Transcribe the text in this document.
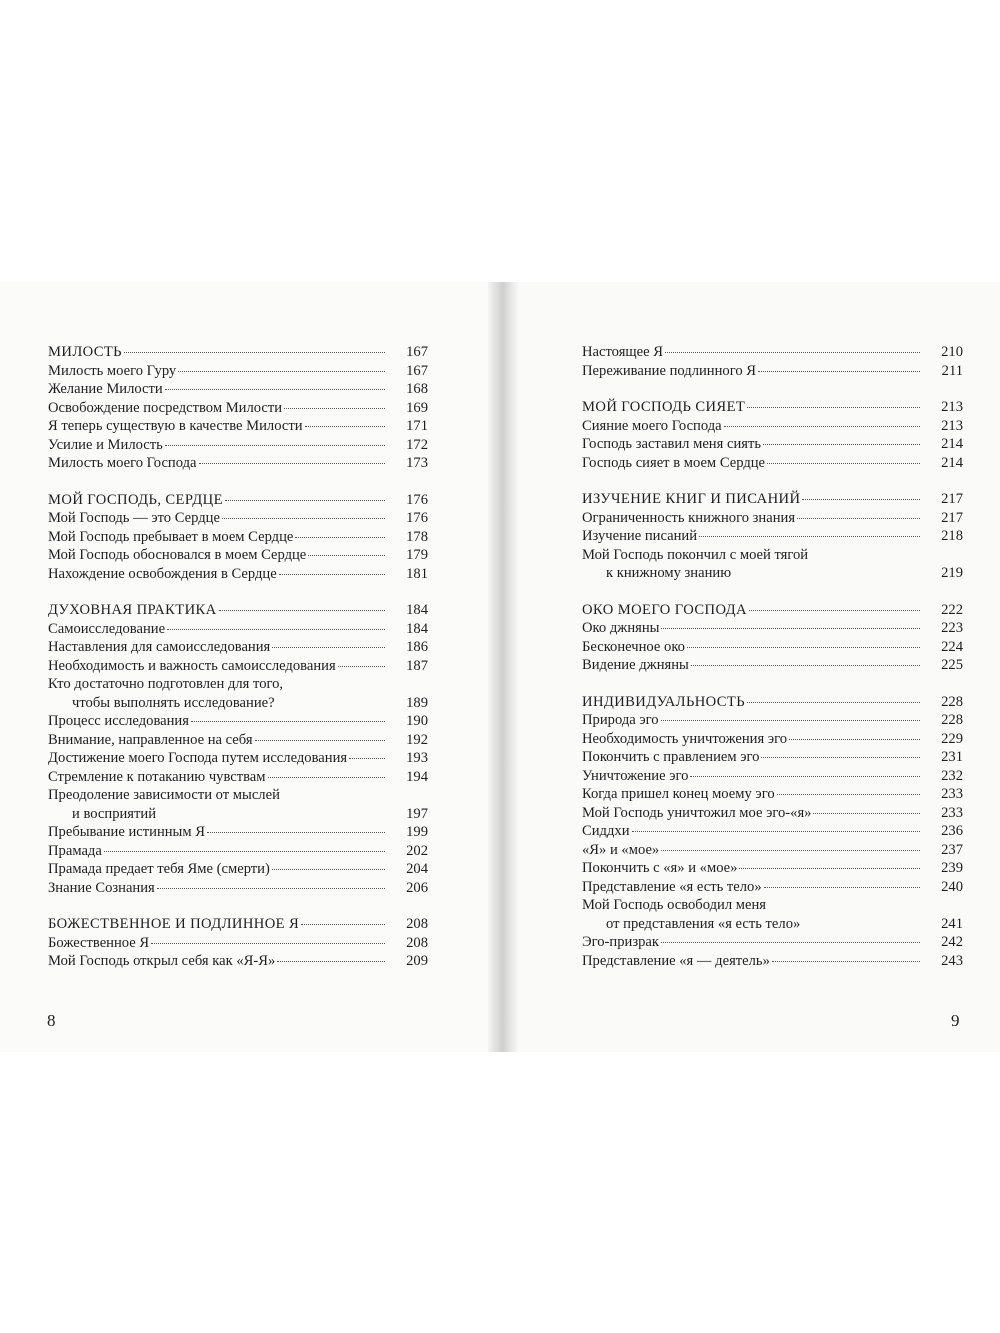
МИЛОСТЬ	167
Милость моего Гуру	167
Желание Милости	168
Освобождение посредством Милости	169
Я теперь существую в качестве Милости	171
Усилие и Милость	172
Милость моего Господа	173
МОЙ ГОСПОДЬ, СЕРДЦЕ	176
Мой Господь — это Сердце	176
Мой Господь пребывает в моем Сердце	178
Мой Господь обосновался в моем Сердце	179
Нахождение освобождения в Сердце	181
ДУХОВНАЯ ПРАКТИКА	184
Самоисследование	184
Наставления для самоисследования	186
Необходимость и важность самоисследования	187
Кто достаточно подготовлен для того,
чтобы выполнять исследование?	189
Процесс исследования	190
Внимание, направленное на себя	192
Достижение моего Господа путем исследования	193
Стремление к потаканию чувствам	194
Преодоление зависимости от мыслей
и восприятий	197
Пребывание истинным Я	199
Прамада	202
Прамада предает тебя Яме (смерти)	204
Знание Сознания	206
БОЖЕСТВЕННОЕ И ПОДЛИННОЕ Я	208
Божественное Я	208
Мой Господь открыл себя как «Я-Я»	209
Настоящее Я	210
Переживание подлинного Я	211
МОЙ ГОСПОДЬ СИЯЕТ	213
Сияние моего Господа	213
Господь заставил меня сиять	214
Господь сияет в моем Сердце	214
ИЗУЧЕНИЕ КНИГ И ПИСАНИЙ	217
Ограниченность книжного знания	217
Изучение писаний	218
Мой Господь покончил с моей тягой
к книжному знанию	219
ОКО МОЕГО ГОСПОДА	222
Око джняны	223
Бесконечное око	224
Видение джняны	225
ИНДИВИДУАЛЬНОСТЬ	228
Природа эго	228
Необходимость уничтожения эго	229
Покончить с правлением эго	231
Уничтожение эго	232
Когда пришел конец моему эго	233
Мой Господь уничтожил мое эго-«я»	233
Сиддхи	236
«Я» и «мое»	237
Покончить с «я» и «мое»	239
Представление «я есть тело»	240
Мой Господь освободил меня
от представления «я есть тело»	241
Эго-призрак	242
Представление «я — деятель»	243
8	9
